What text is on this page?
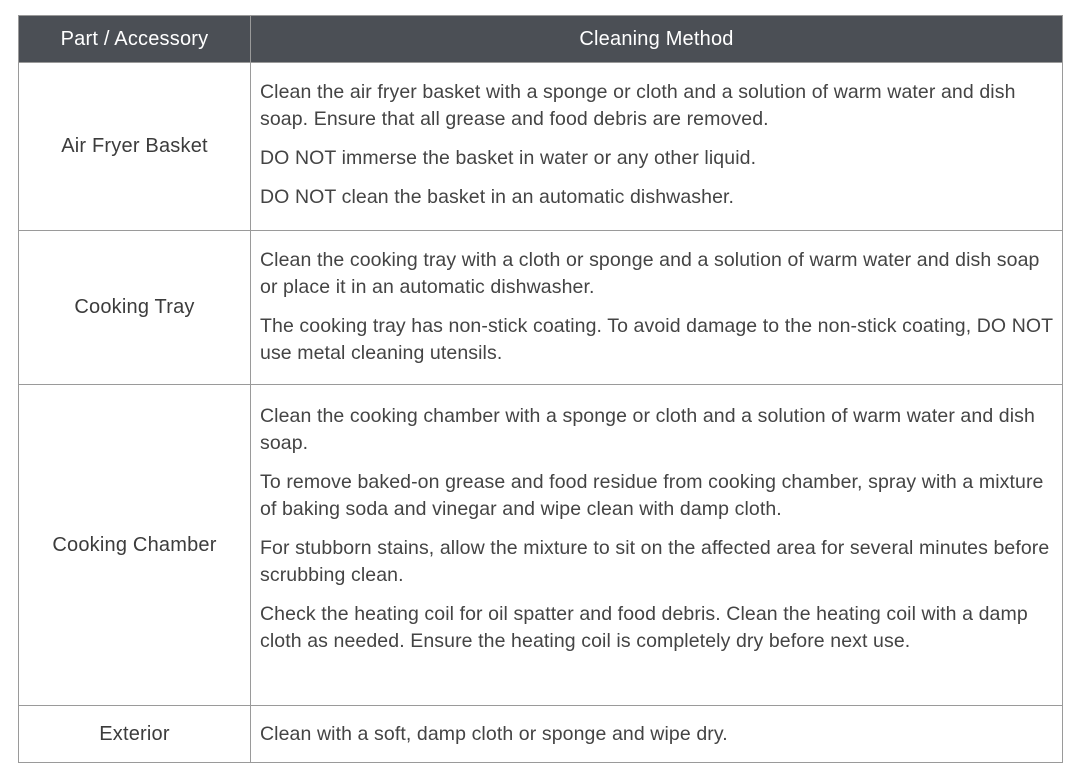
Part / Accessory	Cleaning Method
Air Fryer Basket	Clean the air fryer basket with a sponge or cloth and a solution of warm water and dish soap. Ensure that all grease and food debris are removed.

DO NOT immerse the basket in water or any other liquid.

DO NOT clean the basket in an automatic dishwasher.

Cooking Tray	Clean the cooking tray with a cloth or sponge and a solution of warm water and dish soap or place it in an automatic dishwasher.

The cooking tray has non-stick coating. To avoid damage to the non-stick coating, DO NOT use metal cleaning utensils.

Cooking Chamber	Clean the cooking chamber with a sponge or cloth and a solution of warm water and dish soap.

To remove baked-on grease and food residue from cooking chamber, spray with a mixture of baking soda and vinegar and wipe clean with damp cloth.

For stubborn stains, allow the mixture to sit on the affected area for several minutes before scrubbing clean.

Check the heating coil for oil spatter and food debris. Clean the heating coil with a damp cloth as needed. Ensure the heating coil is completely dry before next use.

Exterior	Clean with a soft, damp cloth or sponge and wipe dry.
